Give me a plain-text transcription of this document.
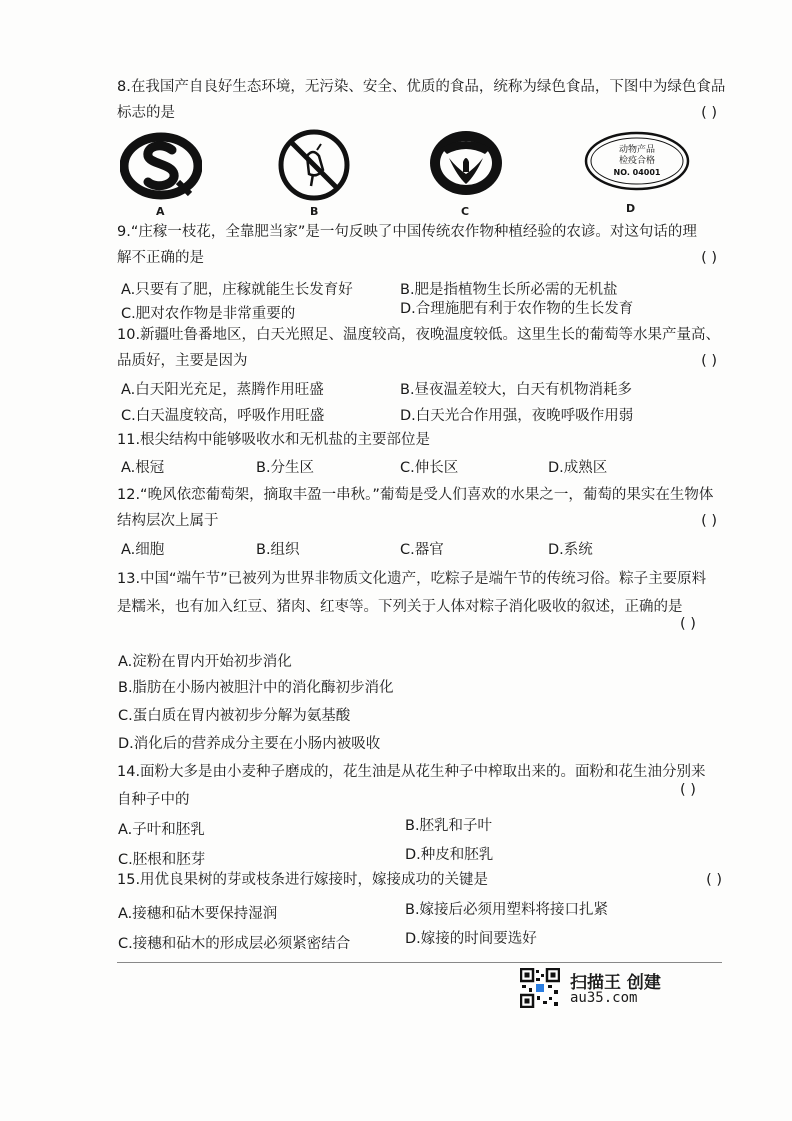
8.在我国产自良好生态环境，无污染、安全、优质的食品，统称为绿色食品，下图中为绿色食品
标志的是	( )
A	B	C
动物产品
检疫合格
NO. 04001
D
9.“庄稼一枝花，全靠肥当家”是一句反映了中国传统农作物种植经验的农谚。对这句话的理
解不正确的是	( )
A.只要有了肥，庄稼就能生长发育好	B.肥是指植物生长所必需的无机盐
C.肥对农作物是非常重要的	D.合理施肥有利于农作物的生长发育
10.新疆吐鲁番地区，白天光照足、温度较高，夜晚温度较低。这里生长的葡萄等水果产量高、
品质好，主要是因为	( )
A.白天阳光充足，蒸腾作用旺盛	B.昼夜温差较大，白天有机物消耗多
C.白天温度较高，呼吸作用旺盛	D.白天光合作用强，夜晚呼吸作用弱
11.根尖结构中能够吸收水和无机盐的主要部位是
A.根冠	B.分生区	C.伸长区	D.成熟区
12.“晚风依恋葡萄架，摘取丰盈一串秋。”葡萄是受人们喜欢的水果之一，葡萄的果实在生物体
结构层次上属于	( )
A.细胞	B.组织	C.器官	D.系统
13.中国“端午节”已被列为世界非物质文化遗产，吃粽子是端午节的传统习俗。粽子主要原料
是糯米，也有加入红豆、猪肉、红枣等。下列关于人体对粽子消化吸收的叙述，正确的是
( )
A.淀粉在胃内开始初步消化
B.脂肪在小肠内被胆汁中的消化酶初步消化
C.蛋白质在胃内被初步分解为氨基酸
D.消化后的营养成分主要在小肠内被吸收
14.面粉大多是由小麦种子磨成的，花生油是从花生种子中榨取出来的。面粉和花生油分别来
自种子中的
( )
A.子叶和胚乳	B.胚乳和子叶
C.胚根和胚芽	D.种皮和胚乳
15.用优良果树的芽或枝条进行嫁接时，嫁接成功的关键是	( )
A.接穗和砧木要保持湿润	B.嫁接后必须用塑料将接口扎紧
C.接穗和砧木的形成层必须紧密结合	D.嫁接的时间要选好
扫描王 创建
au35.com
